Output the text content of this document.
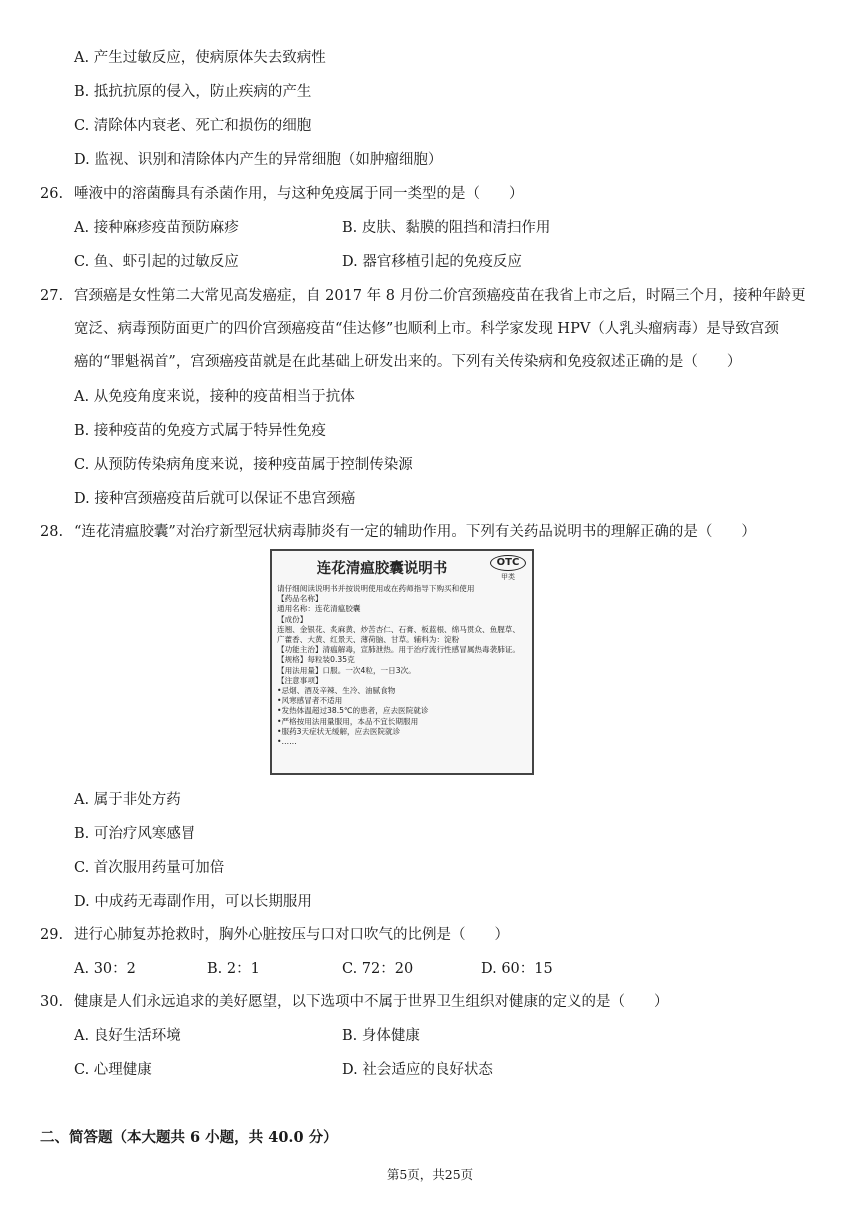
A. 产生过敏反应，使病原体失去致病性
B. 抵抗抗原的侵入，防止疾病的产生
C. 清除体内衰老、死亡和损伤的细胞
D. 监视、识别和清除体内产生的异常细胞（如肿瘤细胞）
26. 唾液中的溶菌酶具有杀菌作用，与这种免疫属于同一类型的是（　　）
A. 接种麻疹疫苗预防麻疹	B. 皮肤、黏膜的阻挡和清扫作用
C. 鱼、虾引起的过敏反应	D. 器官移植引起的免疫反应
27. 宫颈癌是女性第二大常见高发癌症，自 2017 年 8 月份二价宫颈癌疫苗在我省上市之后，时隔三个月，接种年龄更
宽泛、病毒预防面更广的四价宫颈癌疫苗“佳达修”也顺利上市。科学家发现 HPV（人乳头瘤病毒）是导致宫颈
癌的“罪魁祸首”，宫颈癌疫苗就是在此基础上研发出来的。下列有关传染病和免疫叙述正确的是（　　）
A. 从免疫角度来说，接种的疫苗相当于抗体
B. 接种疫苗的免疫方式属于特异性免疫
C. 从预防传染病角度来说，接种疫苗属于控制传染源
D. 接种宫颈癌疫苗后就可以保证不患宫颈癌
28. “连花清瘟胶囊”对治疗新型冠状病毒肺炎有一定的辅助作用。下列有关药品说明书的理解正确的是（　　）
连花清瘟胶囊说明书	OTC
甲类
请仔细阅读说明书并按说明使用或在药师指导下购买和使用
【药品名称】
通用名称：连花清瘟胶囊
【成份】
连翘、金银花、炙麻黄、炒苦杏仁、石膏、板蓝根、绵马贯众、鱼腥草、
广藿香、大黄、红景天、薄荷脑、甘草。辅料为：淀粉
【功能主治】清瘟解毒，宣肺泄热。用于治疗流行性感冒属热毒袭肺证。
【规格】每粒装0.35克
【用法用量】口服。一次4粒，一日3次。
【注意事项】
•忌烟、酒及辛辣、生冷、油腻食物
•风寒感冒者不适用
•发热体温超过38.5℃的患者，应去医院就诊
•严格按用法用量服用，本品不宜长期服用
•服药3天症状无缓解，应去医院就诊
•……
A. 属于非处方药
B. 可治疗风寒感冒
C. 首次服用药量可加倍
D. 中成药无毒副作用，可以长期服用
29. 进行心肺复苏抢救时，胸外心脏按压与口对口吹气的比例是（　　）
A. 30：2	B. 2：1	C. 72：20	D. 60：15
30. 健康是人们永远追求的美好愿望，以下选项中不属于世界卫生组织对健康的定义的是（　　）
A. 良好生活环境	B. 身体健康
C. 心理健康	D. 社会适应的良好状态
二、简答题（本大题共 6 小题，共 40.0 分）
第5页，共25页
